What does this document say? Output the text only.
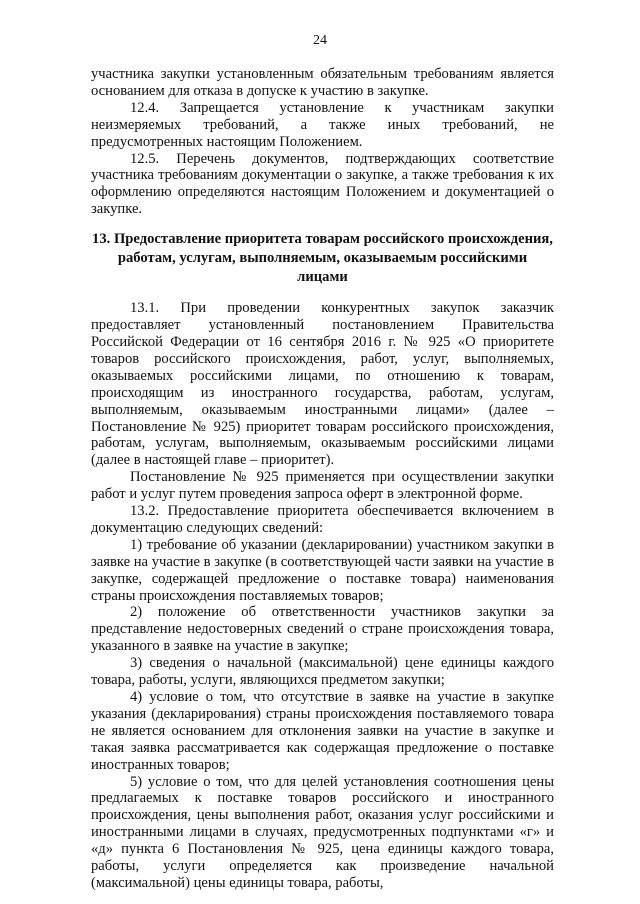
24

участника закупки установленным обязательным требованиям является основанием для отказа в допуске к участию в закупке.

12.4. Запрещается установление к участникам закупки неизмеряемых требований, а также иных требований, не предусмотренных настоящим Положением.

12.5. Перечень документов, подтверждающих соответствие участника требованиям документации о закупке, а также требования к их оформлению определяются настоящим Положением и документацией о закупке.

13. Предоставление приоритета товарам российского происхождения,
работам, услугам, выполняемым, оказываемым российскими лицами

13.1. При проведении конкурентных закупок заказчик предоставляет установленный постановлением Правительства Российской Федерации от 16 сентября 2016 г. № 925 «О приоритете товаров российского происхождения, работ, услуг, выполняемых, оказываемых российскими лицами, по отношению к товарам, происходящим из иностранного государства, работам, услугам, выполняемым, оказываемым иностранными лицами» (далее – Постановление № 925) приоритет товарам российского происхождения, работам, услугам, выполняемым, оказываемым российскими лицами (далее в настоящей главе – приоритет).

Постановление № 925 применяется при осуществлении закупки работ и услуг путем проведения запроса оферт в электронной форме.

13.2. Предоставление приоритета обеспечивается включением в документацию следующих сведений:

1) требование об указании (декларировании) участником закупки в заявке на участие в закупке (в соответствующей части заявки на участие в закупке, содержащей предложение о поставке товара) наименования страны происхождения поставляемых товаров;

2) положение об ответственности участников закупки за представление недостоверных сведений о стране происхождения товара, указанного в заявке на участие в закупке;

3) сведения о начальной (максимальной) цене единицы каждого товара, работы, услуги, являющихся предметом закупки;

4) условие о том, что отсутствие в заявке на участие в закупке указания (декларирования) страны происхождения поставляемого товара не является основанием для отклонения заявки на участие в закупке и такая заявка рассматривается как содержащая предложение о поставке иностранных товаров;

5) условие о том, что для целей установления соотношения цены предлагаемых к поставке товаров российского и иностранного происхождения, цены выполнения работ, оказания услуг российскими и иностранными лицами в случаях, предусмотренных подпунктами «г» и «д» пункта 6 Постановления № 925, цена единицы каждого товара, работы, услуги определяется как произведение начальной (максимальной) цены единицы товара, работы,
